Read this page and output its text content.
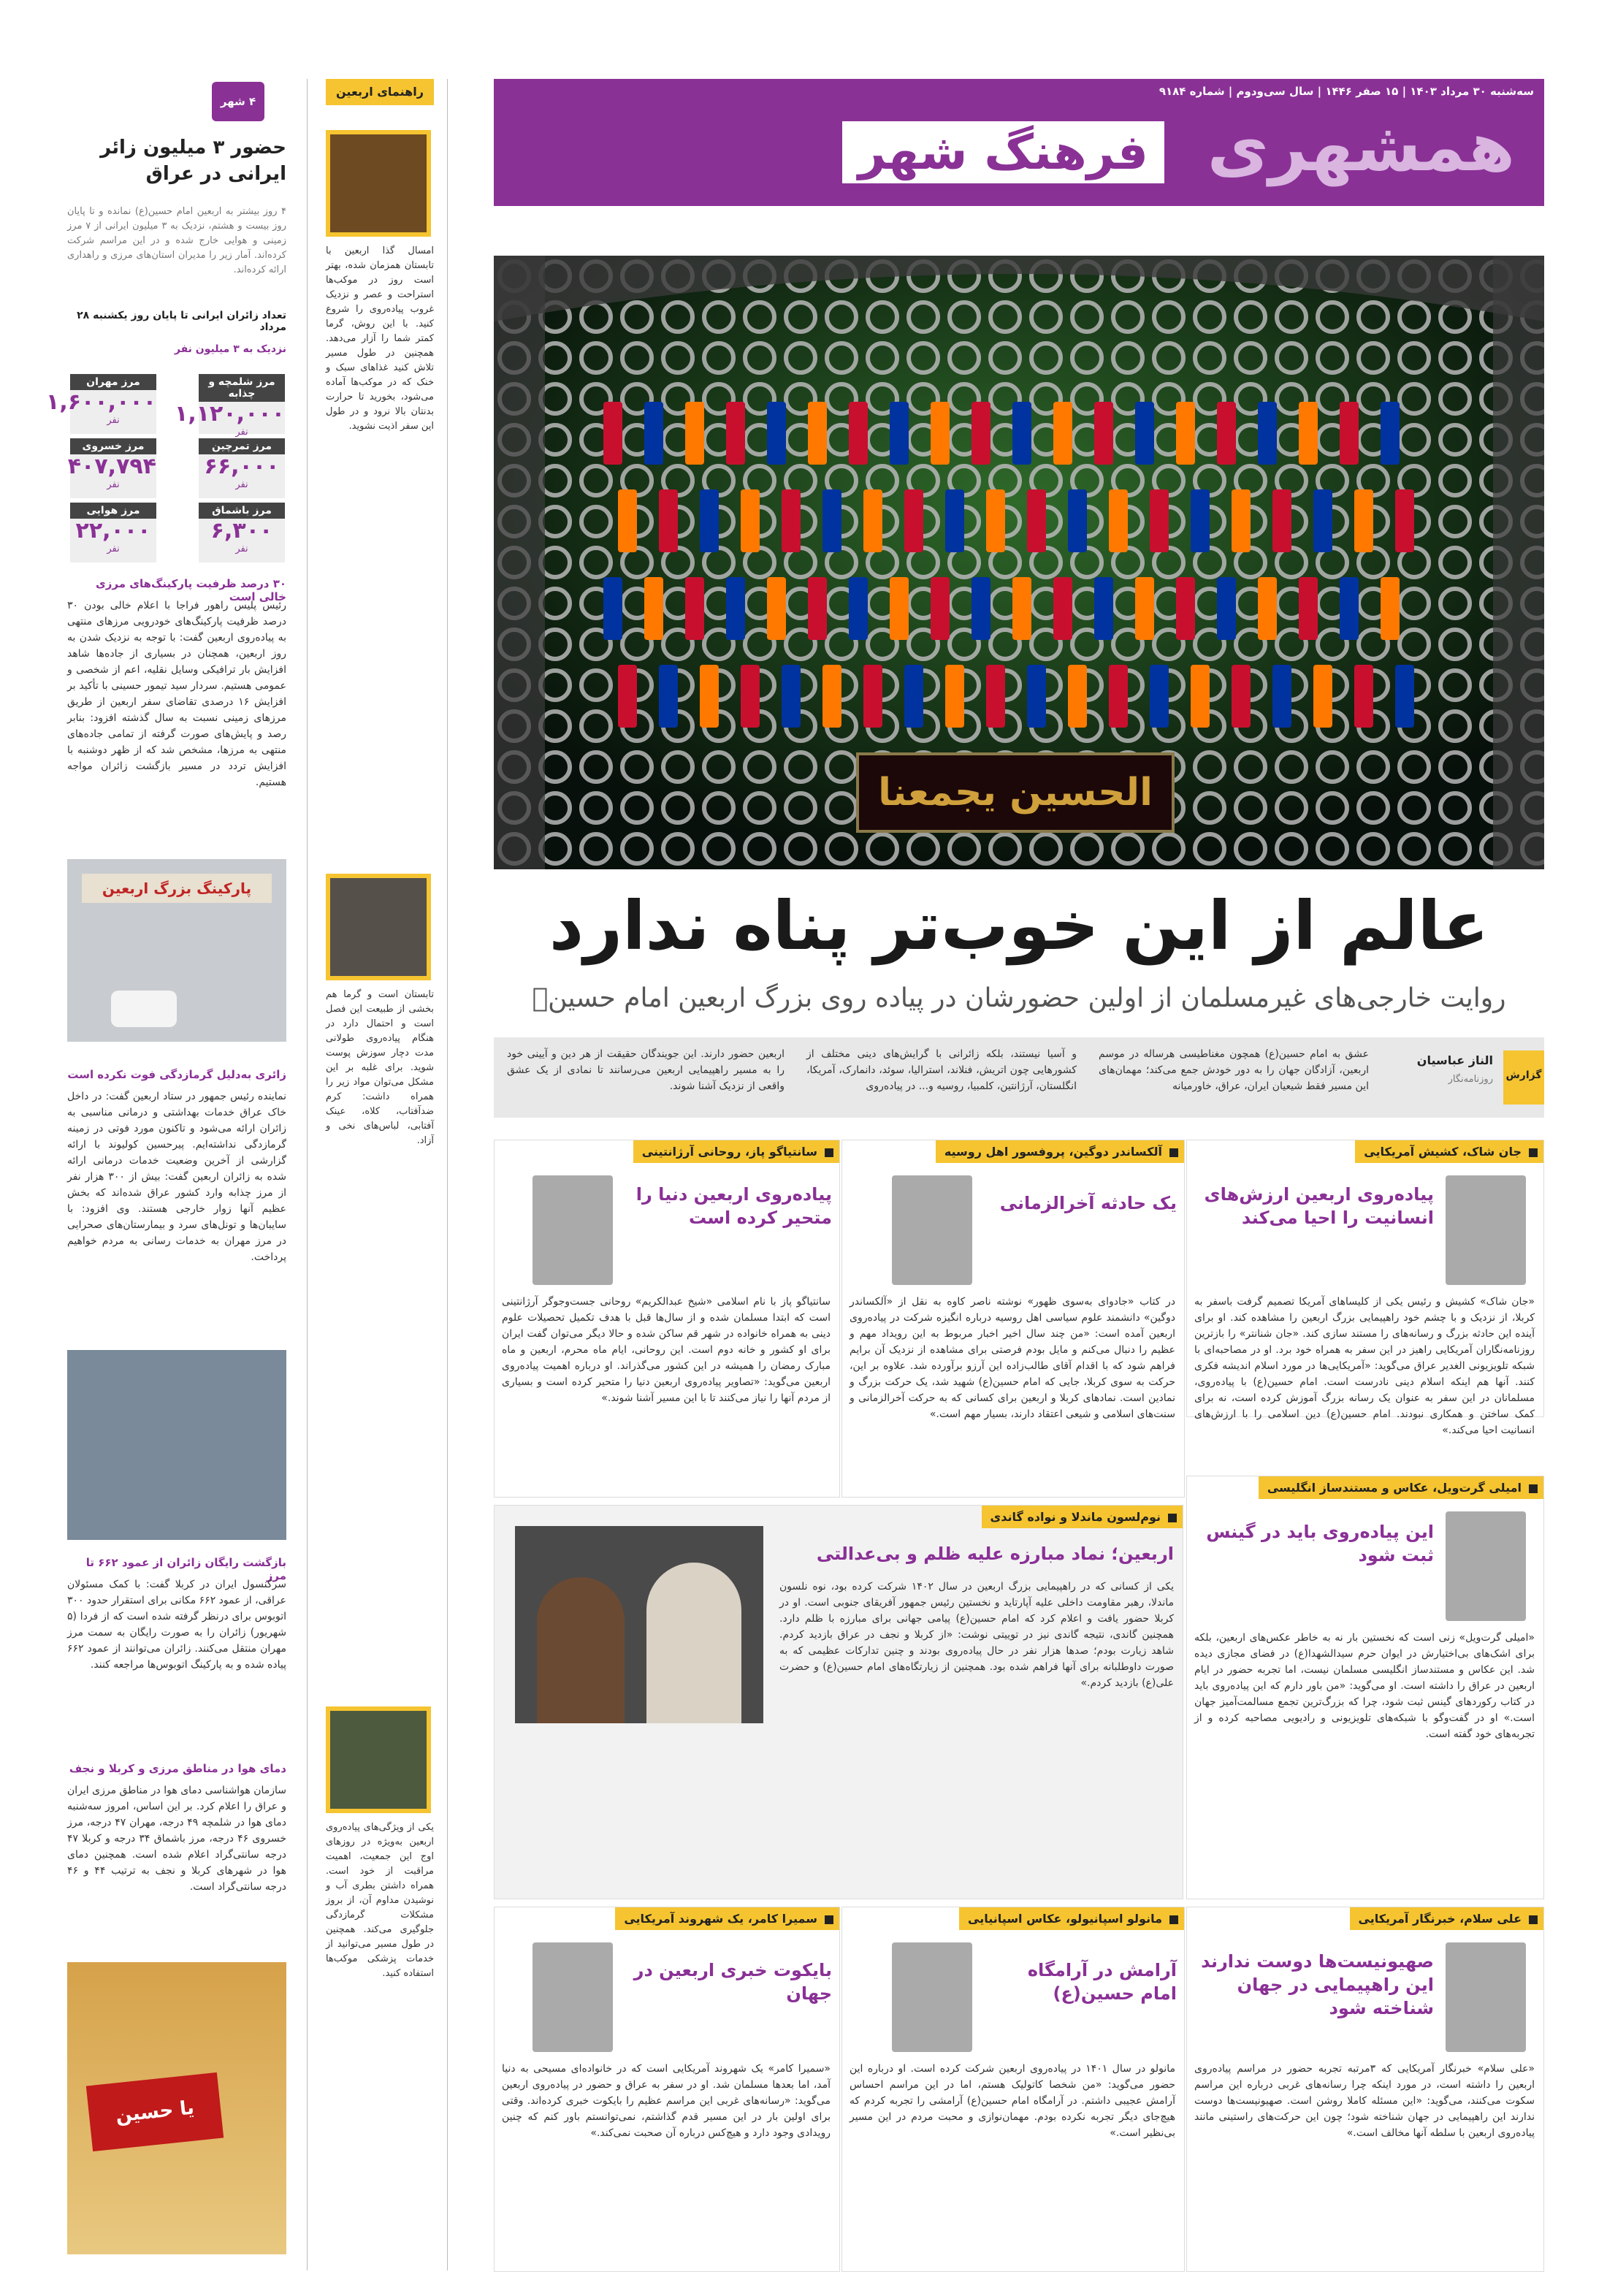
سه‌شنبه ۳۰ مرداد ۱۴۰۳ | ۱۵ صفر ۱۴۴۶ | سال سی‌ودوم | شماره ۹۱۸۴
همشهری
فرهنگ شهر
الحسین یجمعنا
عالم از این خوب‌تر پناه ندارد
روایت خارجی‌های غیرمسلمان از اولین حضورشان در پیاده روی بزرگ اربعین امام حسینؑ
گزارش
الناز عباسیان
روزنامه‌نگار
عشق به امام حسین(ع) همچون مغناطیسی هرساله در موسم اربعین، آزادگان جهان را به دور خودش جمع می‌کند؛ مهمان‌های این مسیر فقط شیعیان ایران، عراق، خاورمیانه
و آسیا نیستند، بلکه زائرانی با گرایش‌های دینی مختلف از کشورهایی چون اتریش، فنلاند، استرالیا، سوئد، دانمارک، آمریکا، انگلستان، آرژانتین، کلمبیا، روسیه و... در پیاده‌روی
اربعین حضور دارند. این جویندگان حقیقت از هر دین و آیینی خود را به مسیر راهپیمایی اربعین می‌رسانند تا نمادی از یک عشق واقعی از نزدیک آشنا شوند.
جان شاک، کشیش آمریکایی
پیاده‌روی اربعین ارزش‌های انسانیت را احیا می‌کند
«جان شاک» کشیش و رئیس یکی از کلیساهای آمریکا تصمیم گرفت باسفر به کربلا، از نزدیک و با چشم خود راهپیمایی بزرگ اربعین را مشاهده کند. او برای آینده این حادثه بزرگ و رسانه‌های را مستند سازی کند. «جان شنانتر» را بازترین روزنامه‌نگاران آمریکایی راهیز در این سفر به همراه خود برد. او در مصاحبه‌ای با شبکه تلویزیونی الغدیر عراق می‌گوید: «آمریکایی‌ها در مورد اسلام اندیشه فکری کنند. آنها هم اینکه اسلام دینی نادرست است. امام حسین(ع) با پیاده‌روی، مسلمانان در این سفر به عنوان یک رسانه بزرگ آموزش کرده است، نه برای کمک ساختن و همکاری نبودند. امام حسین(ع) دین اسلامی را با ارزش‌های انسانیت احیا می‌کند.»
آلکساندر دوگین، پروفسور اهل روسیه
یک حادثه آخرالزمانی
در کتاب «جادوای به‌سوی ظهور» نوشته ناصر کاوه به نقل از «آلکساندر دوگین» دانشمند علوم سیاسی اهل روسیه درباره انگیزه شرکت در پیاده‌روی اربعین آمده است: «من چند سال اخیر اخبار مربوط به این رویداد مهم و عظیم را دنبال می‌کنم و مایل بودم فرصتی برای مشاهده از نزدیک آن برایم فراهم شود که با اقدام آقای طالب‌زاده این آرزو برآورده شد. علاوه بر این، حرکت به سوی کربلا، جایی که امام حسین(ع) شهید شد، یک حرکت بزرگ و نمادین است. نمادهای کربلا و اربعین برای کسانی که به حرکت آخرالزمانی و سنت‌های اسلامی و شیعی اعتقاد دارند، بسیار مهم است.»
سانتیاگو پاز، روحانی آرژانتینی
پیاده‌روی اربعین دنیا را متحیر کرده است
سانتیاگو پاز با نام اسلامی «شیخ عبدالکریم» روحانی جست‌وجوگر آرژانتینی است که ابتدا مسلمان شده و از سال‌ها قبل با هدف تکمیل تحصیلات علوم دینی به همراه خانواده در شهر قم ساکن شده و حالا دیگر می‌توان گفت ایران برای او کشور و خانه دوم است. این روحانی، ایام ماه محرم، اربعین و ماه مبارک رمضان را همیشه در این کشور می‌گذراند. او درباره اهمیت پیاده‌روی اربعین می‌گوید: «تصاویر پیاده‌روی اربعین دنیا را متحیر کرده است و بسیاری از مردم آنها را نیاز می‌کنند تا با این مسیر آشنا شوند.»
نوم‌لسون ماندلا و نواده گاندی
اربعین؛ نماد مبارزه علیه ظلم و بی‌عدالتی
یکی از کسانی که در راهپیمایی بزرگ اربعین در سال ۱۴۰۲ شرکت کرده بود، نوه نلسون ماندلا، رهبر مقاومت داخلی علیه آپارتاید و نخستین رئیس جمهور آفریقای جنوبی است. او در کربلا حضور یافت و اعلام کرد که امام حسین(ع) پیامی جهانی برای مبارزه با ظلم دارد. همچنین گاندی، نتیجه گاندی نیز در توییتی نوشت: «از کربلا و نجف در عراق بازدید کردم. شاهد زیارت بودم؛ صدها هزار نفر در حال پیاده‌روی بودند و چنین تدارکات عظیمی که به صورت داوطلبانه برای آنها فراهم شده بود. همچنین از زیارتگاه‌های امام حسین(ع) و حضرت علی(ع) بازدید کردم.»
امیلی گرت‌ویل، عکاس و مستندساز انگلیسی
این پیاده‌روی باید در گینس ثبت شود
«امیلی گرت‌ویل» زنی است که نخستین بار نه به خاطر عکس‌های اربعین، بلکه برای اشک‌های بی‌اختیارش در ایوان حرم سیدالشهدا(ع) در فضای مجازی دیده شد. این عکاس و مستندساز انگلیسی مسلمان نیست، اما تجربه حضور در ایام اربعین در عراق را داشته است. او می‌گوید: «من باور دارم که این پیاده‌روی باید در کتاب رکوردهای گینس ثبت شود، چرا که بزرگ‌ترین تجمع مسالمت‌آمیز جهان است.» او در گفت‌وگو با شبکه‌های تلویزیونی و رادیویی مصاحبه کرده و از تجربه‌های خود گفته است.
علی سلام، خبرنگار آمریکایی
صهیونیست‌ها دوست ندارند این راهپیمایی در جهان شناخته شود
«علی سلام» خبرنگار آمریکایی که ۳مرتبه تجربه حضور در مراسم پیاده‌روی اربعین را داشته است، در مورد اینکه چرا رسانه‌های غربی درباره این مراسم سکوت می‌کنند، می‌گوید: «این مسئله کاملا روشن است. صهیونیست‌ها دوست ندارند این راهپیمایی در جهان شناخته شود؛ چون این حرکت‌های راستینی مانند پیاده‌روی اربعین با سلطه آنها مخالف است.»
مانولو اسپانیولو، عکاس اسپانیایی
آرامش در آرامگاه امام حسین(ع)
مانولو در سال ۱۴۰۱ در پیاده‌روی اربعین شرکت کرده است. او درباره این حضور می‌گوید: «من شخصا کاتولیک هستم، اما در این مراسم احساس آرامش عجیبی داشتم. در آرامگاه امام حسین(ع) آرامشی را تجربه کردم که هیچ‌جای دیگر تجربه نکرده بودم. مهمان‌نوازی و محبت مردم در این مسیر بی‌نظیر است.»
سمیرا کامر، یک شهروند آمریکایی
بایکوت خبری اربعین در جهان
«سمیرا کامر» یک شهروند آمریکایی است که در خانواده‌ای مسیحی به دنیا آمد، اما بعدها مسلمان شد. او در سفر به عراق و حضور در پیاده‌روی اربعین می‌گوید: «رسانه‌های غربی این مراسم عظیم را بایکوت خبری کرده‌اند. وقتی برای اولین بار در این مسیر قدم گذاشتم، نمی‌توانستم باور کنم که چنین رویدادی وجود دارد و هیچ‌کس درباره آن صحبت نمی‌کند.»
راهنمای اربعین
امسال گذا اربعین با تابستان همزمان شده، بهتر است روز در موکب‌ها استراحت و عصر و نزدیک غروب پیاده‌روی را شروع کنید. با این روش، گرما کمتر شما را آزار می‌دهد. همچنین در طول مسیر تلاش کنید غذاهای سبک و خنک که در موکب‌ها آماده می‌شود، بخورید تا حرارت بدنتان بالا نرود و در طول این سفر اذیت نشوید.
تابستان است و گرما هم بخشی از طبیعت این فصل است و احتمال دارد در هنگام پیاده‌روی طولانی مدت دچار سوزش پوست شوید. برای غلبه بر این مشکل می‌توان مواد زیر را همراه داشت: کرم ضدآفتاب، کلاه، عینک آفتابی، لباس‌های نخی و آزاد.
یکی از ویژگی‌های پیاده‌روی اربعین به‌ویژه در روزهای اوج این جمعیت، اهمیت مراقبت از خود است. همراه داشتن بطری آب و نوشیدن مداوم آن، از بروز مشکلات گرمازدگی جلوگیری می‌کند. همچنین در طول مسیر می‌توانید از خدمات پزشکی موکب‌ها استفاده کنید.
۴ شهر
حضور ۳ میلیون زائر ایرانی در عراق
۴ روز بیشتر به اربعین امام حسین(ع) نمانده و تا پایان روز بیست و هشتم، نزدیک به ۳ میلیون ایرانی از ۷ مرز زمینی و هوایی خارج شده و در این مراسم شرکت کرده‌اند. آمار زیر را مدیران استان‌های مرزی و راهداری ارائه کرده‌اند.
تعداد زائران ایرانی تا پایان روز یکشنبه ۲۸ مرداد
نزدیک به ۳ میلیون نفر
مرز شلمچه و چذابه
۱,۱۲۰,۰۰۰
نفر
مرز مهران
۱,۶۰۰,۰۰۰
نفر
مرز تمرچین
۶۶,۰۰۰
نفر
مرز خسروی
۴۰۷,۷۹۴
نفر
مرز باشماق
۶,۳۰۰
نفر
مرز هوایی
۲۲,۰۰۰
نفر
۳۰ درصد ظرفیت پارکینگ‌های مرزی خالی است
رئیس پلیس راهور فراجا با اعلام خالی بودن ۳۰ درصد ظرفیت پارکینگ‌های خودرویی مرزهای منتهی به پیاده‌روی اربعین گفت: با توجه به نزدیک شدن به روز اربعین، همچنان در بسیاری از جاده‌ها شاهد افزایش بار ترافیکی وسایل نقلیه، اعم از شخصی و عمومی هستیم. سردار سید تیمور حسینی با تأکید بر افزایش ۱۶ درصدی تقاضای سفر اربعین از طریق مرزهای زمینی نسبت به سال گذشته افزود: بنابر رصد و پایش‌های صورت گرفته از تمامی جاده‌های منتهی به مرزها، مشخص شد که از ظهر دوشنبه با افزایش تردد در مسیر بازگشت زائران مواجه هستیم.
پارکینگ بزرگ اربعین
زائری به‌دلیل گرمازدگی فوت نکرده است
نماینده رئیس جمهور در ستاد اربعین گفت: در داخل خاک عراق خدمات بهداشتی و درمانی مناسبی به زائران ارائه می‌شود و تاکنون مورد فوتی در زمینه گرمازدگی نداشته‌ایم. پیرحسین کولیوند با ارائه گزارشی از آخرین وضعیت خدمات درمانی ارائه شده به زائران اربعین گفت: بیش از ۳۰۰ هزار نفر از مرز چذابه وارد کشور عراق شده‌اند که بخش عظیم آنها زوار خارجی هستند. وی افزود: با سایبان‌ها و تونل‌های سرد و بیمارستان‌های صحرایی در مرز مهران به خدمات رسانی به مردم خواهیم پرداخت.
بازگشت رایگان زائران از عمود ۶۶۲ تا مرز
سرکنسول ایران در کربلا گفت: با کمک مسئولان عراقی، از عمود ۶۶۲ مکانی برای استقرار حدود ۳۰۰ اتوبوس برای درنظر گرفته شده است که از فردا (۵ شهریور) زائران را به صورت رایگان به سمت مرز مهران منتقل می‌کنند. زائران می‌توانند از عمود ۶۶۲ پیاده شده و به پارکینگ اتوبوس‌ها مراجعه کنند.
دمای هوا در مناطق مرزی و کربلا و نجف
سازمان هواشناسی دمای هوا در مناطق مرزی ایران و عراق را اعلام کرد. بر این اساس، امروز سه‌شنبه دمای هوا در شلمچه ۴۹ درجه، مهران ۴۷ درجه، مرز خسروی ۴۶ درجه، مرز باشماق ۳۴ درجه و کربلا ۴۷ درجه سانتی‌گراد اعلام شده است. همچنین دمای هوا در شهرهای کربلا و نجف به ترتیب ۴۴ و ۴۶ درجه سانتی‌گراد است.
یا حسین
